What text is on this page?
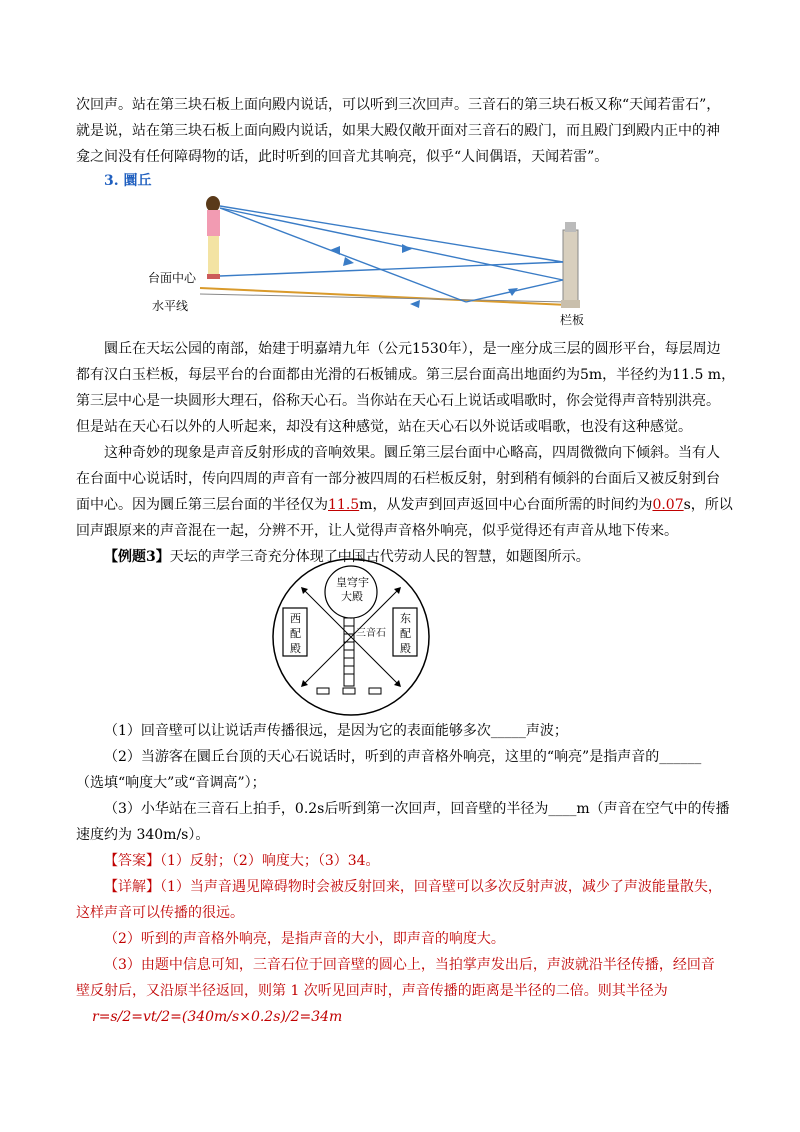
次回声。站在第三块石板上面向殿内说话，可以听到三次回声。三音石的第三块石板又称“天闻若雷石”，
就是说，站在第三块石板上面向殿内说话，如果大殿仅敞开面对三音石的殿门，而且殿门到殿内正中的神
龛之间没有任何障碍物的话，此时听到的回音尤其响亮，似乎“人间偶语，天闻若雷”。
3. 圜丘
台面中心
水平线
栏板
圜丘在天坛公园的南部，始建于明嘉靖九年（公元1530年），是一座分成三层的圆形平台，每层周边
都有汉白玉栏板，每层平台的台面都由光滑的石板铺成。第三层台面高出地面约为5m，半径约为11.5 m，
第三层中心是一块圆形大理石，俗称天心石。当你站在天心石上说话或唱歌时，你会觉得声音特别洪亮。
但是站在天心石以外的人听起来，却没有这种感觉，站在天心石以外说话或唱歌，也没有这种感觉。
这种奇妙的现象是声音反射形成的音响效果。圜丘第三层台面中心略高，四周微微向下倾斜。当有人
在台面中心说话时，传向四周的声音有一部分被四周的石栏板反射，射到稍有倾斜的台面后又被反射到台
面中心。因为圜丘第三层台面的半径仅为11.5m，从发声到回声返回中心台面所需的时间约为0.07s，所以
回声跟原来的声音混在一起，分辨不开，让人觉得声音格外响亮，似乎觉得还有声音从地下传来。
【例题3】天坛的声学三奇充分体现了中国古代劳动人民的智慧，如题图所示。
皇穹宇
大殿
西
配
殿
东
配
殿
三音石
（1）回音壁可以让说话声传播很远，是因为它的表面能够多次_____声波；
（2）当游客在圜丘台顶的天心石说话时，听到的声音格外响亮，这里的“响亮”是指声音的______
（选填“响度大”或“音调高”）；
（3）小华站在三音石上拍手，0.2s后听到第一次回声，回音壁的半径为____m（声音在空气中的传播
速度约为 340m/s）。
【答案】（1）反射；（2）响度大；（3）34。
【详解】（1）当声音遇见障碍物时会被反射回来，回音壁可以多次反射声波，减少了声波能量散失，
这样声音可以传播的很远。
（2）听到的声音格外响亮，是指声音的大小，即声音的响度大。
（3）由题中信息可知，三音石位于回音壁的圆心上，当拍掌声发出后，声波就沿半径传播，经回音
壁反射后，又沿原半径返回，则第 1 次听见回声时，声音传播的距离是半径的二倍。则其半径为
r=s/2=vt/2=(340m/s×0.2s)/2=34m
